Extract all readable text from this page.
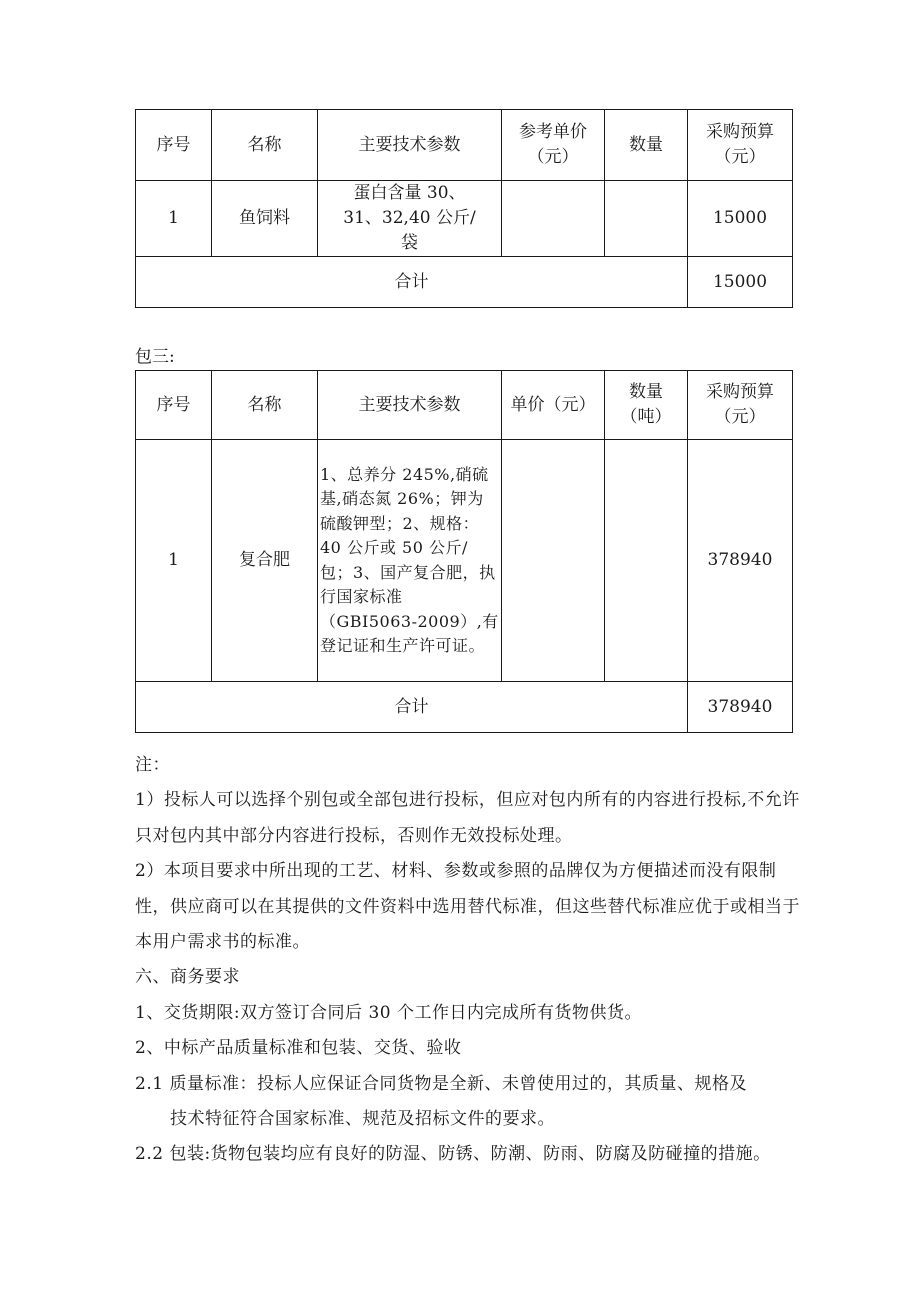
序号	名称	主要技术参数	参考单价（元）	数量	采购预算（元）
1	鱼饲料	蛋白含量 30、31、32,40 公斤/袋			15000
合计					15000
包三:
序号	名称	主要技术参数	单价（元）	数量（吨）	采购预算（元）
1	复合肥	1、总养分 245%,硝硫基,硝态氮 26%；钾为硫酸钾型；2、规格：40 公斤或 50 公斤/包；3、国产复合肥，执行国家标准（GBI5063-2009）,有登记证和生产许可证。			378940
合计					378940

注：

1）投标人可以选择个别包或全部包进行投标，但应对包内所有的内容进行投标,不允许只对包内其中部分内容进行投标，否则作无效投标处理。

2）本项目要求中所出现的工艺、材料、参数或参照的品牌仅为方便描述而没有限制性，供应商可以在其提供的文件资料中选用替代标准，但这些替代标准应优于或相当于本用户需求书的标准。

六、商务要求

1、交货期限:双方签订合同后 30 个工作日内完成所有货物供货。

2、中标产品质量标准和包装、交货、验收

2.1 质量标准：投标人应保证合同货物是全新、未曾使用过的，其质量、规格及

技术特征符合国家标准、规范及招标文件的要求。

2.2 包装:货物包装均应有良好的防湿、防锈、防潮、防雨、防腐及防碰撞的措施。
